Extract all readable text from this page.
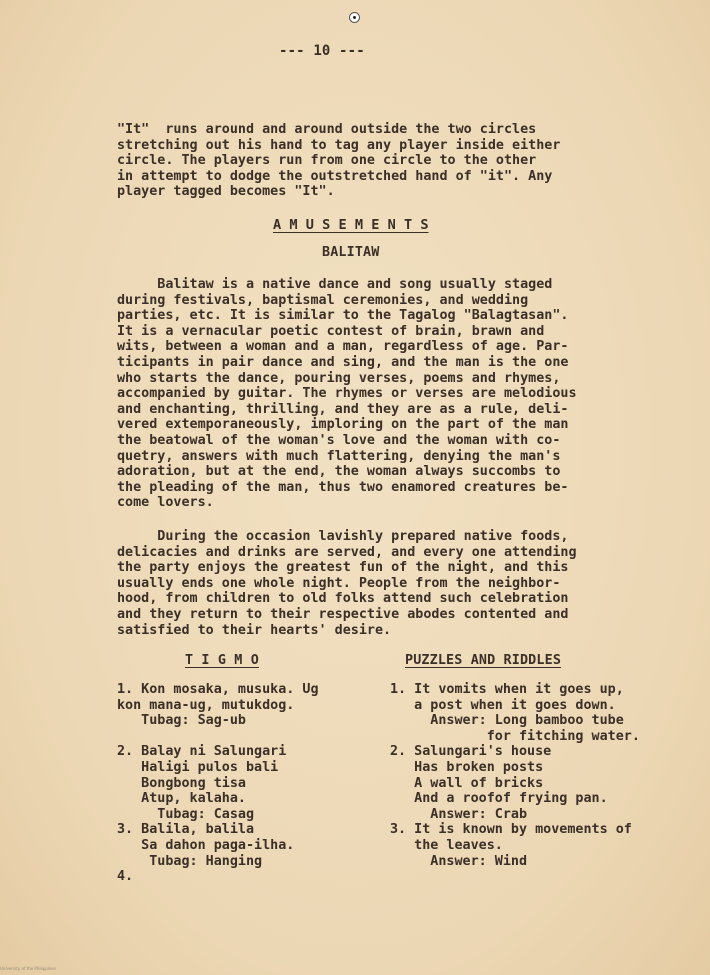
--- 10 ---
"It"  runs around and around outside the two circles
stretching out his hand to tag any player inside either
circle. The players run from one circle to the other
in attempt to dodge the outstretched hand of "it". Any
player tagged becomes "It".
A M U S E M E N T S
BALITAW
Balitaw is a native dance and song usually staged
during festivals, baptismal ceremonies, and wedding
parties, etc. It is similar to the Tagalog "Balagtasan".
It is a vernacular poetic contest of brain, brawn and
wits, between a woman and a man, regardless of age. Par-
ticipants in pair dance and sing, and the man is the one
who starts the dance, pouring verses, poems and rhymes,
accompanied by guitar. The rhymes or verses are melodious
and enchanting, thrilling, and they are as a rule, deli-
vered extemporaneously, imploring on the part of the man
the beatowal of the woman's love and the woman with co-
quetry, answers with much flattering, denying the man's
adoration, but at the end, the woman always succombs to
the pleading of the man, thus two enamored creatures be-
come lovers.
During the occasion lavishly prepared native foods,
delicacies and drinks are served, and every one attending
the party enjoys the greatest fun of the night, and this
usually ends one whole night. People from the neighbor-
hood, from children to old folks attend such celebration
and they return to their respective abodes contented and
satisfied to their hearts' desire.
T I G M O	PUZZLES AND RIDDLES
1. Kon mosaka, musuka. Ug
kon mana-ug, mutukdog.
Tubag: Sag-ub

2. Balay ni Salungari
Haligi pulos bali
Bongbong tisa
Atup, kalaha.
Tubag: Casag
3. Balila, balila
Sa dahon paga-ilha.
Tubag: Hanging
4.
1. It vomits when it goes up,
a post when it goes down.
Answer: Long bamboo tube
for fitching water.
2. Salungari's house
Has broken posts
A wall of bricks
And a roofof frying pan.
Answer: Crab
3. It is known by movements of
the leaves.
Answer: Wind
University of the Philippines
